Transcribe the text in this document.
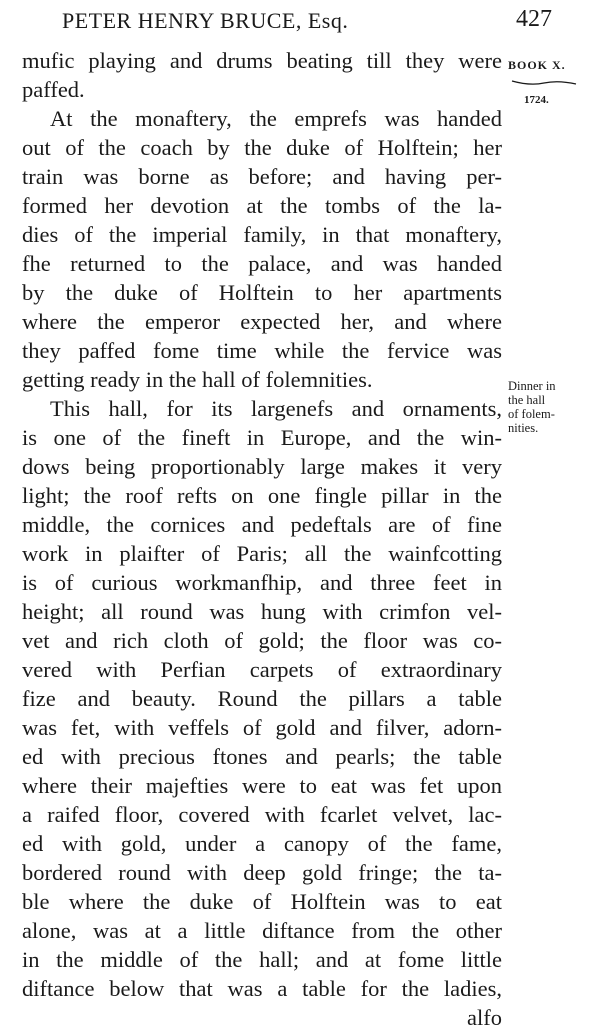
PETER HENRY BRUCE, Esq.	427
BOOK X.
1724.
Dinner in
the hall
of folem-
nities.
mufic playing and drums beating till they were
paffed.
At the monaftery, the emprefs was handed
out of the coach by the duke of Holftein; her
train was borne as before; and having per-
formed her devotion at the tombs of the la-
dies of the imperial family, in that monaftery,
fhe returned to the palace, and was handed
by the duke of Holftein to her apartments
where the emperor expected her, and where
they paffed fome time while the fervice was
getting ready in the hall of folemnities.
This hall, for its largenefs and ornaments,
is one of the fineft in Europe, and the win-
dows being proportionably large makes it very
light; the roof refts on one fingle pillar in the
middle, the cornices and pedeftals are of fine
work in plaifter of Paris; all the wainfcotting
is of curious workmanfhip, and three feet in
height; all round was hung with crimfon vel-
vet and rich cloth of gold; the floor was co-
vered with Perfian carpets of extraordinary
fize and beauty. Round the pillars a table
was fet, with veffels of gold and filver, adorn-
ed with precious ftones and pearls; the table
where their majefties were to eat was fet upon
a raifed floor, covered with fcarlet velvet, lac-
ed with gold, under a canopy of the fame,
bordered round with deep gold fringe; the ta-
ble where the duke of Holftein was to eat
alone, was at a little diftance from the other
in the middle of the hall; and at fome little
diftance below that was a table for the ladies,
alfo
